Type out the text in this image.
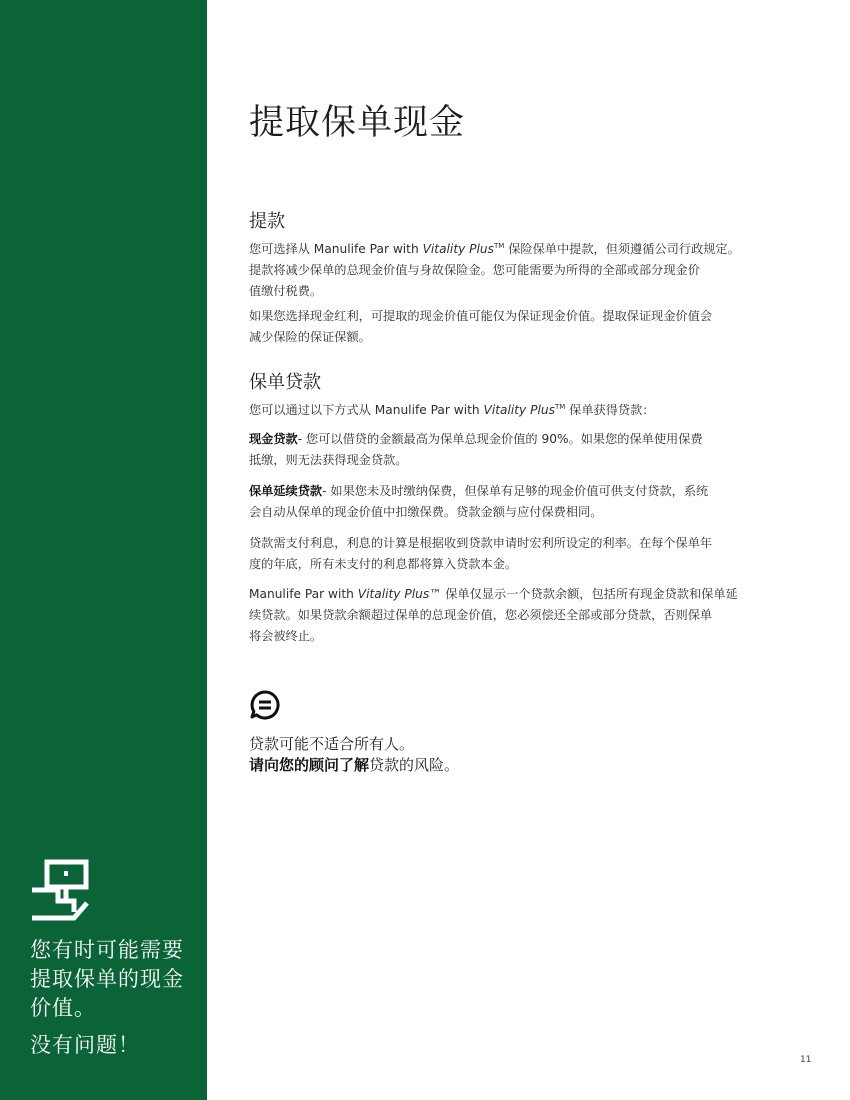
您有时可能需要

提取保单的现金

价值。

没有问题！

提取保单现金
提款

您可选择从 Manulife Par with Vitality Plus™ 保险保单中提款，但须遵循公司行政规定。
提款将减少保单的总现金价值与身故保险金。您可能需要为所得的全部或部分现金价
值缴付税费。

如果您选择现金红利，可提取的现金价值可能仅为保证现金价值。提取保证现金价值会
减少保险的保证保额。

保单贷款

您可以通过以下方式从 Manulife Par with Vitality Plus™ 保单获得贷款：

现金贷款- 您可以借贷的金额最高为保单总现金价值的 90%。如果您的保单使用保费
抵缴，则无法获得现金贷款。

保单延续贷款- 如果您未及时缴纳保费，但保单有足够的现金价值可供支付贷款，系统
会自动从保单的现金价值中扣缴保费。贷款金额与应付保费相同。

贷款需支付利息，利息的计算是根据收到贷款申请时宏利所设定的利率。在每个保单年
度的年底，所有未支付的利息都将算入贷款本金。

Manulife Par with Vitality Plus™ 保单仅显示一个贷款余额，包括所有现金贷款和保单延
续贷款。如果贷款余额超过保单的总现金价值，您必须偿还全部或部分贷款，否则保单
将会被终止。

贷款可能不适合所有人。

请向您的顾问了解贷款的风险。

11
